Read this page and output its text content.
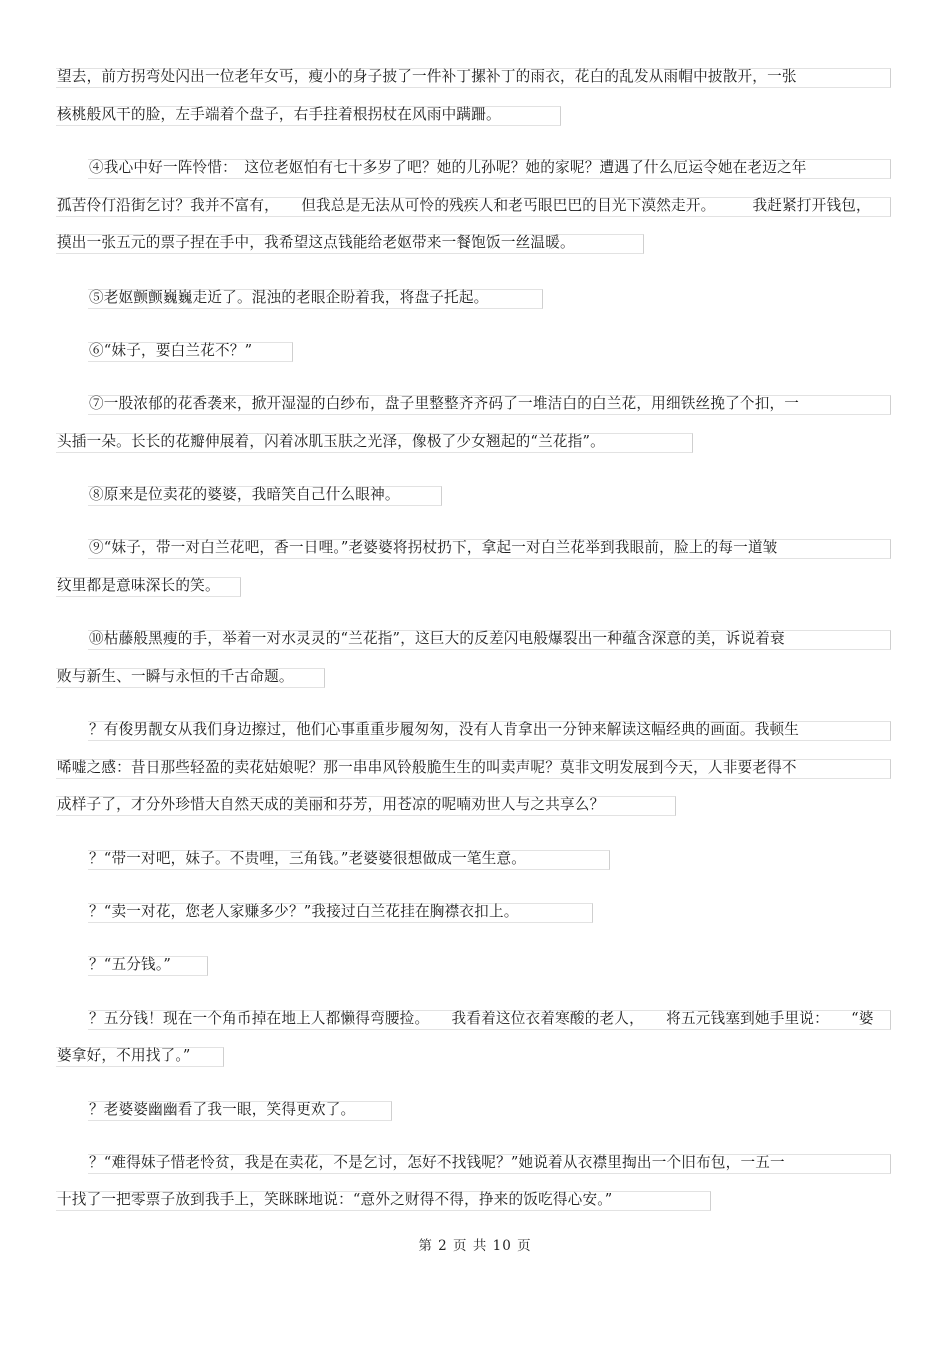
望去，前方拐弯处闪出一位老年女丐，瘦小的身子披了一件补丁摞补丁的雨衣，花白的乱发从雨帽中披散开，一张
核桃般风干的脸，左手端着个盘子，右手拄着根拐杖在风雨中蹒跚。
④我心中好一阵怜惜：　这位老妪怕有七十多岁了吧？她的儿孙呢？她的家呢？遭遇了什么厄运令她在老迈之年
孤苦伶仃沿街乞讨？我并不富有，　　但我总是无法从可怜的残疾人和老丐眼巴巴的目光下漠然走开。　　　我赶紧打开钱包，
摸出一张五元的票子捏在手中，我希望这点钱能给老妪带来一餐饱饭一丝温暖。
⑤老妪颤颤巍巍走近了。混浊的老眼企盼着我，将盘子托起。
⑥“妹子，要白兰花不？”
⑦一股浓郁的花香袭来，掀开湿湿的白纱布，盘子里整整齐齐码了一堆洁白的白兰花，用细铁丝挽了个扣，一
头插一朵。长长的花瓣伸展着，闪着冰肌玉肤之光泽，像极了少女翘起的“兰花指”。
⑧原来是位卖花的婆婆，我暗笑自己什么眼神。
⑨“妹子，带一对白兰花吧，香一日哩。”老婆婆将拐杖扔下，拿起一对白兰花举到我眼前，脸上的每一道皱
纹里都是意味深长的笑。
⑩枯藤般黑瘦的手，举着一对水灵灵的“兰花指”，这巨大的反差闪电般爆裂出一种蕴含深意的美，诉说着衰
败与新生、一瞬与永恒的千古命题。
？有俊男靓女从我们身边擦过，他们心事重重步履匆匆，没有人肯拿出一分钟来解读这幅经典的画面。我顿生
唏嘘之感：昔日那些轻盈的卖花姑娘呢？那一串串风铃般脆生生的叫卖声呢？莫非文明发展到今天，人非要老得不
成样子了，才分外珍惜大自然天成的美丽和芬芳，用苍凉的呢喃劝世人与之共享么？
？“带一对吧，妹子。不贵哩，三角钱。”老婆婆很想做成一笔生意。
？“卖一对花，您老人家赚多少？”我接过白兰花挂在胸襟衣扣上。
？“五分钱。”
？五分钱！现在一个角币掉在地上人都懒得弯腰捡。　　我看着这位衣着寒酸的老人，　　将五元钱塞到她手里说：　　“婆
婆拿好，不用找了。”
？老婆婆幽幽看了我一眼，笑得更欢了。
？“难得妹子惜老怜贫，我是在卖花，不是乞讨，怎好不找钱呢？”她说着从衣襟里掏出一个旧布包，一五一
十找了一把零票子放到我手上，笑眯眯地说：“意外之财得不得，挣来的饭吃得心安。”
第 2 页 共 10 页
